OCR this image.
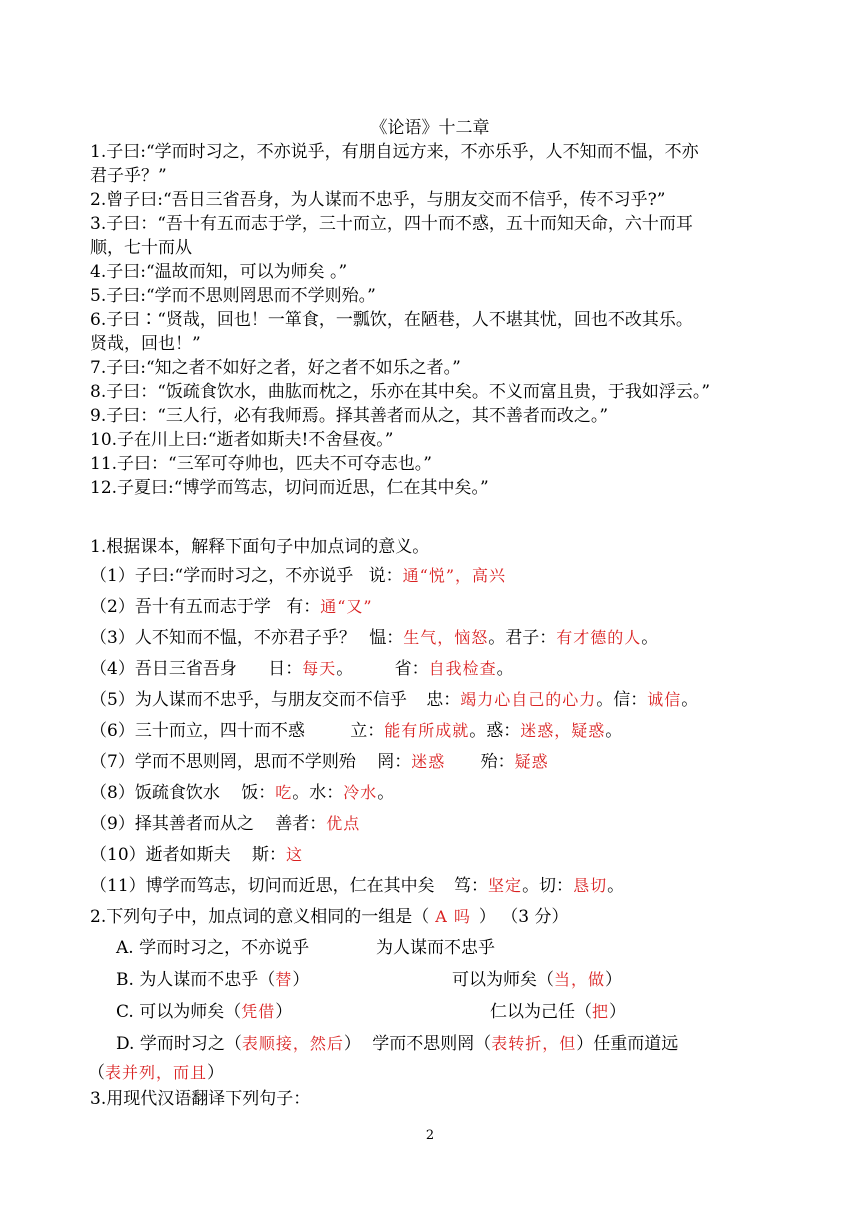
《论语》十二章

1.子曰:“学而时习之，不亦说乎，有朋自远方来，不亦乐乎，人不知而不愠，不亦

君子乎？”

2.曾子曰:“吾日三省吾身，为人谋而不忠乎，与朋友交而不信乎，传不习乎?”

3.子曰：“吾十有五而志于学，三十而立，四十而不惑，五十而知天命，六十而耳

顺，七十而从

4.子曰:“温故而知，可以为师矣 。”

5.子曰:“学而不思则罔思而不学则殆。”

6.子曰∶“贤哉，回也！一箪食，一瓢饮，在陋巷，人不堪其忧，回也不改其乐。

贤哉，回也！”

7.子曰:“知之者不如好之者，好之者不如乐之者。”

8.子曰：“饭疏食饮水，曲肱而枕之，乐亦在其中矣。不义而富且贵，于我如浮云。”

9.子曰：“三人行，必有我师焉。择其善者而从之，其不善者而改之。”

10.子在川上曰:“逝者如斯夫!不舍昼夜。”

11.子曰：“三军可夺帅也，匹夫不可夺志也。”

12.子夏曰:“博学而笃志，切问而近思，仁在其中矣。”

1.根据课本，解释下面句子中加点词的意义。

（1）子曰:“学而时习之，不亦说乎 说：通“悦”，高兴
（2）吾十有五而志于学 有：通“又”
（3）人不知而不愠，不亦君子乎？ 愠：生气，恼怒。君子：有才德的人。
（4）吾日三省吾身 日：每天。 省：自我检查。
（5）为人谋而不忠乎，与朋友交而不信乎 忠：竭力心自己的心力。信：诚信。
（6）三十而立，四十而不惑	立：能有所成就。惑：迷惑，疑惑。
（7）学而不思则罔，思而不学则殆 罔：迷惑 殆：疑惑
（8）饭疏食饮水 饭：吃。水：冷水。
（9）择其善者而从之 善者：优点
（10）逝者如斯夫 斯：这
（11）博学而笃志，切问而近思，仁在其中矣 笃：坚定。切：恳切。
2.下列句子中，加点词的意义相同的一组是（ A 吗 ） （3 分）
A. 学而时习之，不亦说乎	为人谋而不忠乎
B. 为人谋而不忠乎（替）	可以为师矣（当，做）
C. 可以为师矣（凭借）	仁以为己任（把）
D. 学而时习之（表顺接，然后） 学而不思则罔（表转折，但）任重而道远
（表并列，而且）
3.用现代汉语翻译下列句子：
2
